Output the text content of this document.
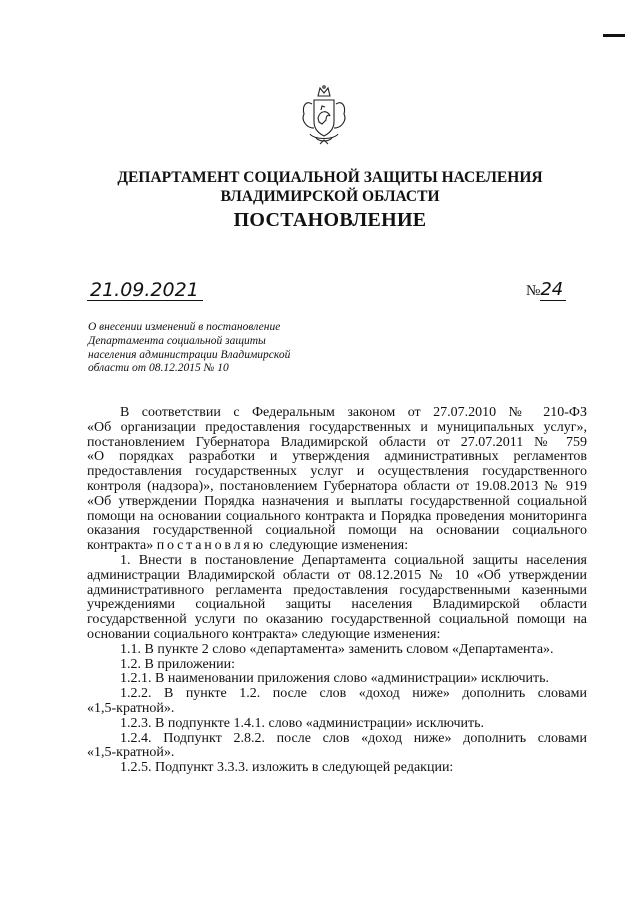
ДЕПАРТАМЕНТ СОЦИАЛЬНОЙ ЗАЩИТЫ НАСЕЛЕНИЯ
ВЛАДИМИРСКОЙ ОБЛАСТИ
ПОСТАНОВЛЕНИЕ
21.09.2021	№24
О внесении изменений в постановление
Департамента социальной защиты
населения администрации Владимирской
области от 08.12.2015 № 10
В соответствии с Федеральным законом от 27.07.2010 № 210-ФЗ
«Об организации предоставления государственных и муниципальных услуг»,
постановлением Губернатора Владимирской области от 27.07.2011 № 759
«О порядках разработки и утверждения административных регламентов
предоставления государственных услуг и осуществления государственного
контроля (надзора)», постановлением Губернатора области от 19.08.2013 № 919
«Об утверждении Порядка назначения и выплаты государственной социальной
помощи на основании социального контракта и Порядка проведения мониторинга
оказания государственной социальной помощи на основании социального
контракта» постановляю следующие изменения:
1. Внести в постановление Департамента социальной защиты населения
администрации Владимирской области от 08.12.2015 № 10 «Об утверждении
административного регламента предоставления государственными казенными
учреждениями социальной защиты населения Владимирской области
государственной услуги по оказанию государственной социальной помощи на
основании социального контракта» следующие изменения:
1.1. В пункте 2 слово «департамента» заменить словом «Департамента».
1.2. В приложении:
1.2.1. В наименовании приложения слово «администрации» исключить.
1.2.2. В пункте 1.2. после слов «доход ниже» дополнить словами
«1,5-кратной».
1.2.3. В подпункте 1.4.1. слово «администрации» исключить.
1.2.4. Подпункт 2.8.2. после слов «доход ниже» дополнить словами
«1,5-кратной».
1.2.5. Подпункт 3.3.3. изложить в следующей редакции:
